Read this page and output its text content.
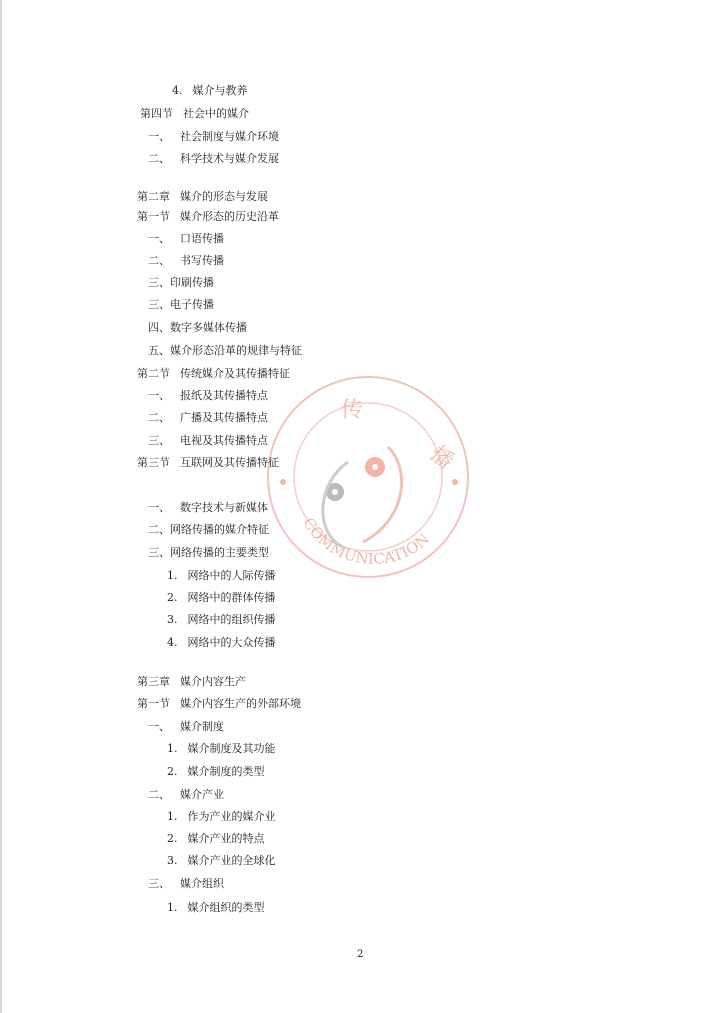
传
播
COMMUNICATION
4. 媒介与教养
第四节 社会中的媒介
一、 社会制度与媒介环境
二、 科学技术与媒介发展
第二章 媒介的形态与发展
第一节 媒介形态的历史沿革
一、 口语传播
二、 书写传播
三、印刷传播
三、电子传播
四、数字多媒体传播
五、媒介形态沿革的规律与特征
第二节 传统媒介及其传播特征
一、 报纸及其传播特点
二、 广播及其传播特点
三、 电视及其传播特点
第三节 互联网及其传播特征
一、 数字技术与新媒体
二、网络传播的媒介特征
三、网络传播的主要类型
1. 网络中的人际传播
2. 网络中的群体传播
3. 网络中的组织传播
4. 网络中的大众传播
第三章 媒介内容生产
第一节 媒介内容生产的外部环境
一、 媒介制度
1. 媒介制度及其功能
2. 媒介制度的类型
二、 媒介产业
1. 作为产业的媒介业
2. 媒介产业的特点
3. 媒介产业的全球化
三、 媒介组织
1. 媒介组织的类型
2
